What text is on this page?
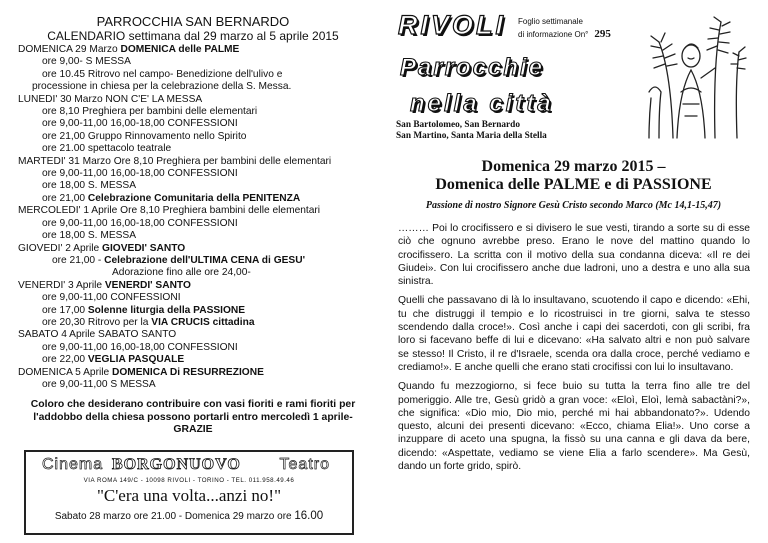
PARROCCHIA SAN BERNARDO
CALENDARIO settimana dal 29 marzo al 5 aprile 2015
DOMENICA 29 Marzo DOMENICA delle PALME
ore 9,00- S MESSA
ore 10.45 Ritrovo nel campo- Benedizione dell'ulivo e
processione in chiesa per la celebrazione della S. Messa.
LUNEDI' 30 Marzo NON C'E' LA MESSA
ore 8,10 Preghiera per bambini delle elementari
ore 9,00-11,00 16,00-18,00 CONFESSIONI
ore 21,00 Gruppo Rinnovamento nello Spirito
ore 21.00 spettacolo teatrale
MARTEDI' 31 Marzo Ore 8,10 Preghiera per bambini delle elementari
ore 9,00-11,00 16,00-18,00 CONFESSIONI
ore 18,00 S. MESSA
ore 21,00 Celebrazione Comunitaria della PENITENZA
MERCOLEDI' 1 Aprile Ore 8,10 Preghiera bambini delle elementari
ore 9,00-11,00 16,00-18,00 CONFESSIONI
ore 18,00 S. MESSA
GIOVEDI' 2 Aprile GIOVEDI' SANTO
ore 21,00 - Celebrazione dell'ULTIMA CENA di GESU'
Adorazione fino alle ore 24,00-
VENERDI' 3 Aprile VENERDI' SANTO
ore 9,00-11,00 CONFESSIONI
ore 17,00 Solenne liturgia della PASSIONE
ore 20,30 Ritrovo per la VIA CRUCIS cittadina
SABATO 4 Aprile SABATO SANTO
ore 9,00-11,00 16,00-18,00 CONFESSIONI
ore 22,00 VEGLIA PASQUALE
DOMENICA 5 Aprile DOMENICA Di RESURREZIONE
ore 9,00-11,00 S MESSA
Coloro che desiderano contribuire con vasi fioriti e rami fioriti per l'addobbo della chiesa possono portarli entro mercoledì 1 aprile- GRAZIE
Cinema BORGONUOVO Teatro
VIA ROMA 149/C - 10098 RIVOLI - TORINO - TEL. 011.958.49.46
"C'era una volta...anzi no!"
Sabato 28 marzo ore 21.00 - Domenica 29 marzo ore 16.00
RIVOLI Foglio settimanale
di informazione On° 295
Parrocchie
nella città
San Bartolomeo, San Bernardo
San Martino, Santa Maria della Stella
Domenica 29 marzo 2015 –
Domenica delle PALME e di PASSIONE
Passione di nostro Signore Gesù Cristo secondo Marco (Mc 14,1-15,47)

……… Poi lo crocifissero e si divisero le sue vesti, tirando a sorte su di esse ciò che ognuno avrebbe preso. Erano le nove del mattino quando lo crocifissero. La scritta con il motivo della sua condanna diceva: «Il re dei Giudei». Con lui crocifissero anche due ladroni, uno a destra e uno alla sua sinistra.

Quelli che passavano di là lo insultavano, scuotendo il capo e dicendo: «Ehi, tu che distruggi il tempio e lo ricostruisci in tre giorni, salva te stesso scendendo dalla croce!». Così anche i capi dei sacerdoti, con gli scribi, fra loro si facevano beffe di lui e dicevano: «Ha salvato altri e non può salvare se stesso! Il Cristo, il re d'Israele, scenda ora dalla croce, perché vediamo e crediamo!». E anche quelli che erano stati crocifissi con lui lo insultavano.

Quando fu mezzogiorno, si fece buio su tutta la terra fino alle tre del pomeriggio. Alle tre, Gesù gridò a gran voce: «Eloì, Eloì, lemà sabactàni?», che significa: «Dio mio, Dio mio, perché mi hai abbandonato?». Udendo questo, alcuni dei presenti dicevano: «Ecco, chiama Elia!». Uno corse a inzuppare di aceto una spugna, la fissò su una canna e gli dava da bere, dicendo: «Aspettate, vediamo se viene Elia a farlo scendere». Ma Gesù, dando un forte grido, spirò.
